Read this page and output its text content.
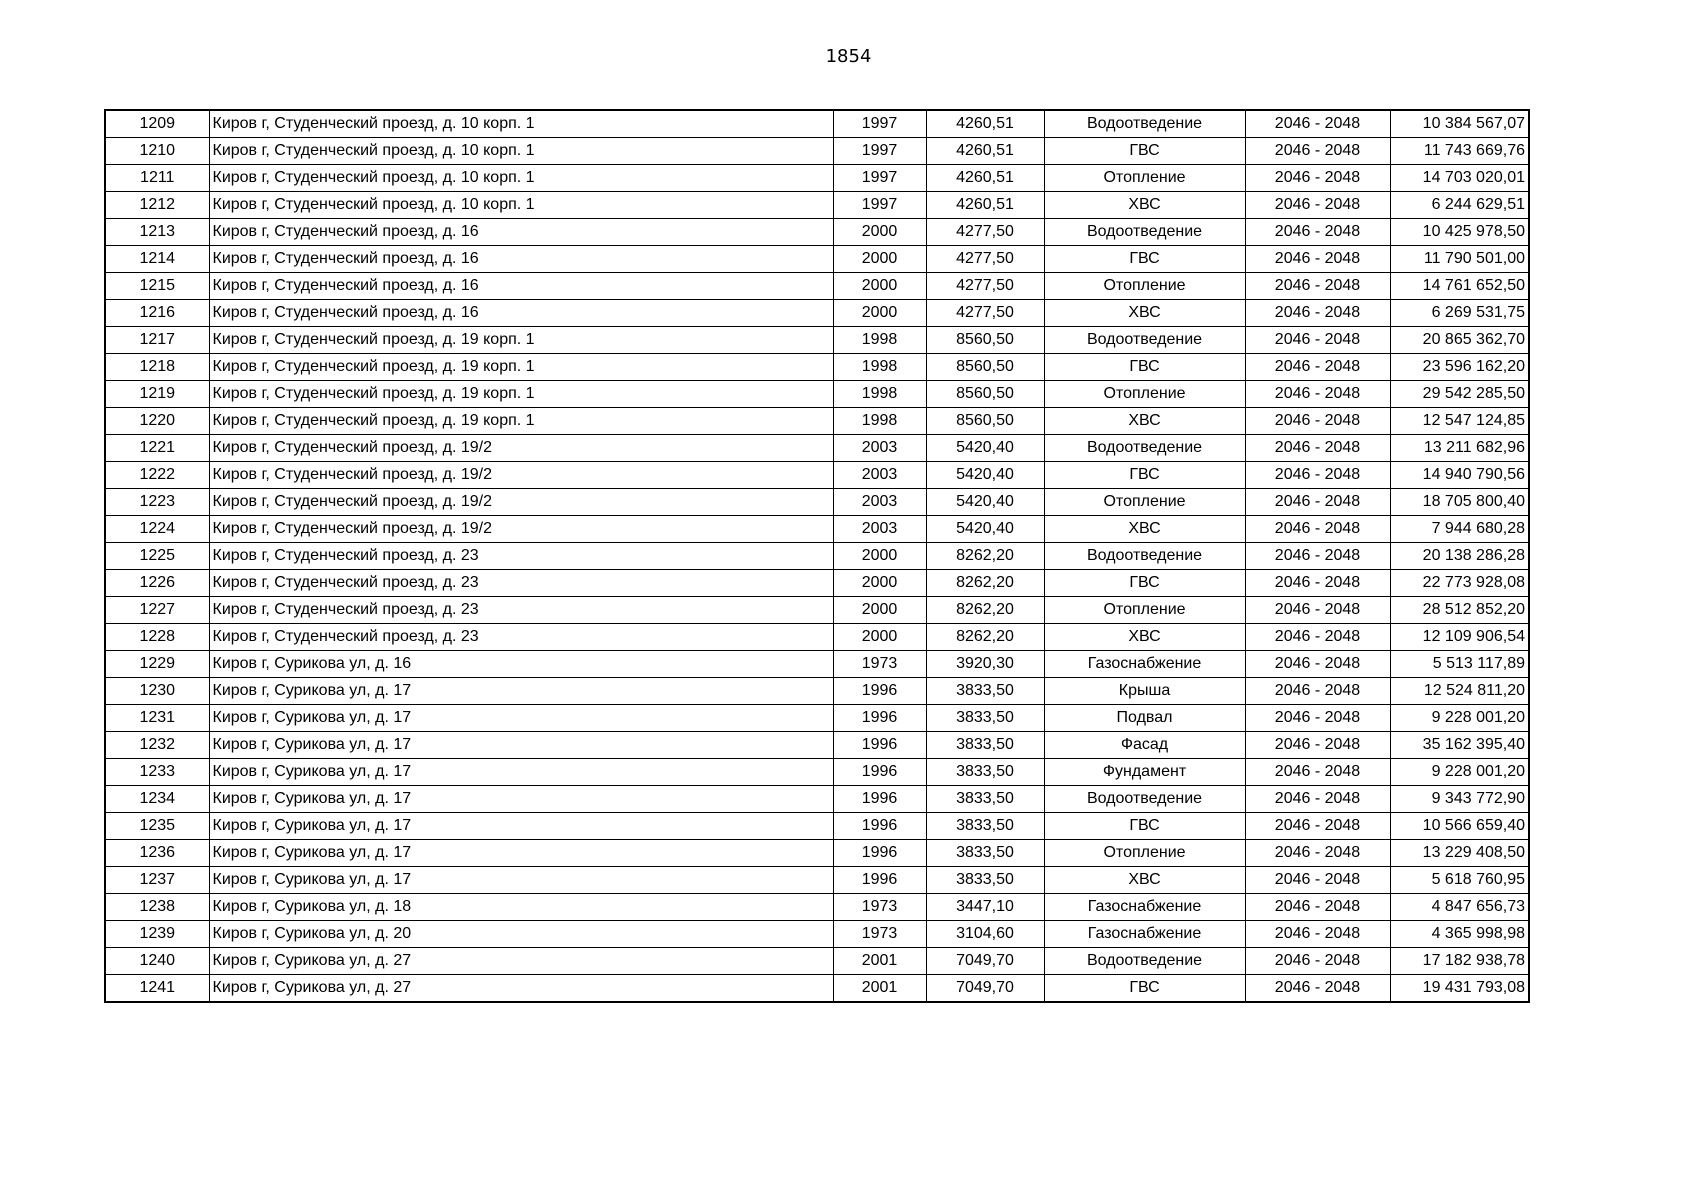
1854
1209	Киров г, Студенческий проезд, д. 10 корп. 1	1997	4260,51	Водоотведение	2046 - 2048	10 384 567,07
1210	Киров г, Студенческий проезд, д. 10 корп. 1	1997	4260,51	ГВС	2046 - 2048	11 743 669,76
1211	Киров г, Студенческий проезд, д. 10 корп. 1	1997	4260,51	Отопление	2046 - 2048	14 703 020,01
1212	Киров г, Студенческий проезд, д. 10 корп. 1	1997	4260,51	ХВС	2046 - 2048	6 244 629,51
1213	Киров г, Студенческий проезд, д. 16	2000	4277,50	Водоотведение	2046 - 2048	10 425 978,50
1214	Киров г, Студенческий проезд, д. 16	2000	4277,50	ГВС	2046 - 2048	11 790 501,00
1215	Киров г, Студенческий проезд, д. 16	2000	4277,50	Отопление	2046 - 2048	14 761 652,50
1216	Киров г, Студенческий проезд, д. 16	2000	4277,50	ХВС	2046 - 2048	6 269 531,75
1217	Киров г, Студенческий проезд, д. 19 корп. 1	1998	8560,50	Водоотведение	2046 - 2048	20 865 362,70
1218	Киров г, Студенческий проезд, д. 19 корп. 1	1998	8560,50	ГВС	2046 - 2048	23 596 162,20
1219	Киров г, Студенческий проезд, д. 19 корп. 1	1998	8560,50	Отопление	2046 - 2048	29 542 285,50
1220	Киров г, Студенческий проезд, д. 19 корп. 1	1998	8560,50	ХВС	2046 - 2048	12 547 124,85
1221	Киров г, Студенческий проезд, д. 19/2	2003	5420,40	Водоотведение	2046 - 2048	13 211 682,96
1222	Киров г, Студенческий проезд, д. 19/2	2003	5420,40	ГВС	2046 - 2048	14 940 790,56
1223	Киров г, Студенческий проезд, д. 19/2	2003	5420,40	Отопление	2046 - 2048	18 705 800,40
1224	Киров г, Студенческий проезд, д. 19/2	2003	5420,40	ХВС	2046 - 2048	7 944 680,28
1225	Киров г, Студенческий проезд, д. 23	2000	8262,20	Водоотведение	2046 - 2048	20 138 286,28
1226	Киров г, Студенческий проезд, д. 23	2000	8262,20	ГВС	2046 - 2048	22 773 928,08
1227	Киров г, Студенческий проезд, д. 23	2000	8262,20	Отопление	2046 - 2048	28 512 852,20
1228	Киров г, Студенческий проезд, д. 23	2000	8262,20	ХВС	2046 - 2048	12 109 906,54
1229	Киров г, Сурикова ул, д. 16	1973	3920,30	Газоснабжение	2046 - 2048	5 513 117,89
1230	Киров г, Сурикова ул, д. 17	1996	3833,50	Крыша	2046 - 2048	12 524 811,20
1231	Киров г, Сурикова ул, д. 17	1996	3833,50	Подвал	2046 - 2048	9 228 001,20
1232	Киров г, Сурикова ул, д. 17	1996	3833,50	Фасад	2046 - 2048	35 162 395,40
1233	Киров г, Сурикова ул, д. 17	1996	3833,50	Фундамент	2046 - 2048	9 228 001,20
1234	Киров г, Сурикова ул, д. 17	1996	3833,50	Водоотведение	2046 - 2048	9 343 772,90
1235	Киров г, Сурикова ул, д. 17	1996	3833,50	ГВС	2046 - 2048	10 566 659,40
1236	Киров г, Сурикова ул, д. 17	1996	3833,50	Отопление	2046 - 2048	13 229 408,50
1237	Киров г, Сурикова ул, д. 17	1996	3833,50	ХВС	2046 - 2048	5 618 760,95
1238	Киров г, Сурикова ул, д. 18	1973	3447,10	Газоснабжение	2046 - 2048	4 847 656,73
1239	Киров г, Сурикова ул, д. 20	1973	3104,60	Газоснабжение	2046 - 2048	4 365 998,98
1240	Киров г, Сурикова ул, д. 27	2001	7049,70	Водоотведение	2046 - 2048	17 182 938,78
1241	Киров г, Сурикова ул, д. 27	2001	7049,70	ГВС	2046 - 2048	19 431 793,08
